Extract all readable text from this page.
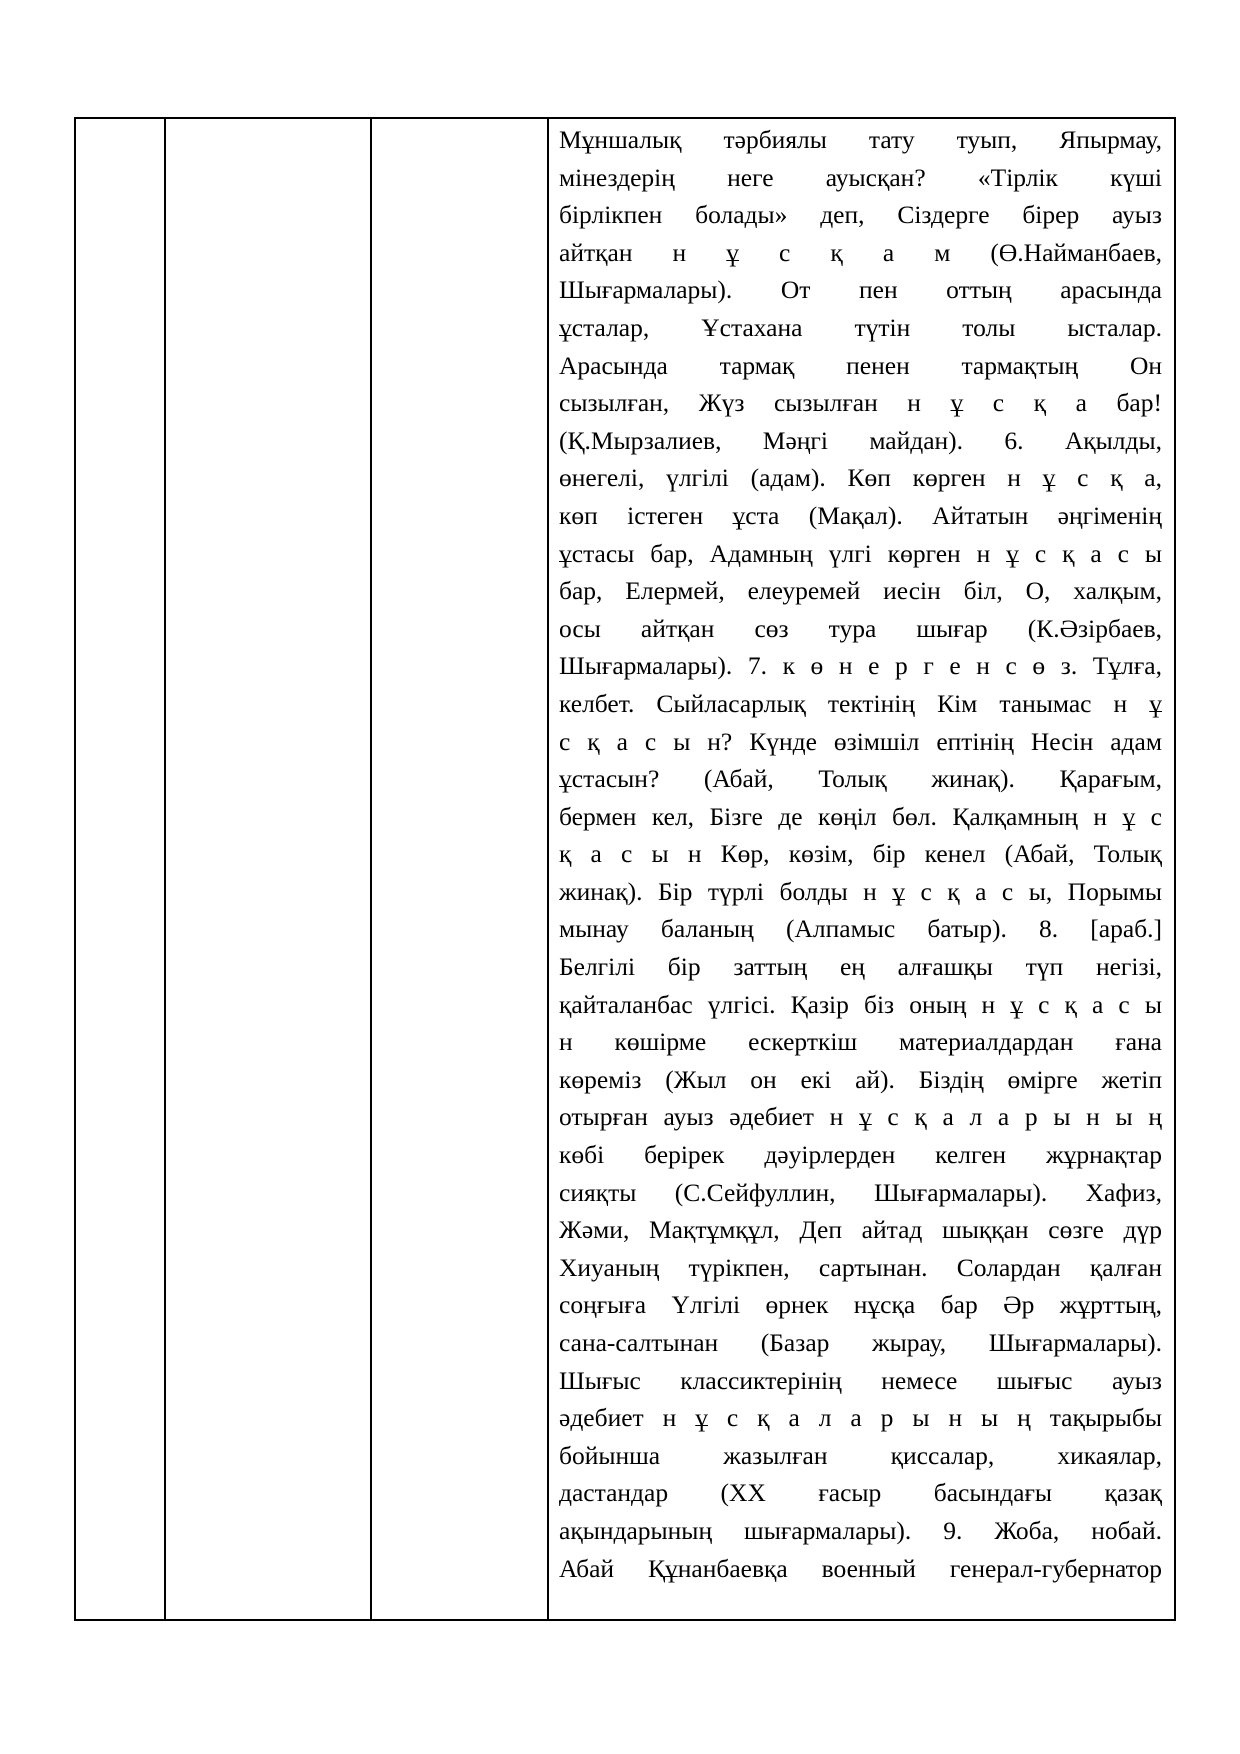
Мұншалық тәрбиялы тату туып, Япырмау,
мінездерің неге ауысқан? «Тірлік күші
бірлікпен болады» деп, Сіздерге бірер ауыз
айтқан н ұ с қ а м (Ө.Найманбаев,
Шығармалары). От пен оттың арасында
ұсталар, Ұстахана түтін толы ысталар.
Арасында тармақ пенен тармақтың Он
сызылған, Жүз сызылған н ұ с қ а бар!
(Қ.Мырзалиев, Мәңгі майдан). 6. Ақылды,
өнегелі, үлгілі (адам). Көп көрген н ұ с қ а,
көп істеген ұста (Мақал). Айтатын әңгіменің
ұстасы бар, Адамның үлгі көрген н ұ с қ а с ы
бар, Елермей, елеуремей иесін біл, О, халқым,
осы айтқан сөз тура шығар (К.Әзірбаев,
Шығармалары). 7. к ө н е р г е н с ө з. Тұлға,
келбет. Сыйласарлық тектінің Кім танымас н ұ
с қ а с ы н? Күнде өзімшіл ептінің Несін адам
ұстасын? (Абай, Толық жинақ). Қарағым,
бермен кел, Бізге де көңіл бөл. Қалқамның н ұ с
қ а с ы н Көр, көзім, бір кенел (Абай, Толық
жинақ). Бір түрлі болды н ұ с қ а с ы, Порымы
мынау баланың (Алпамыс батыр). 8. [араб.]
Белгілі бір заттың ең алғашқы түп негізі,
қайталанбас үлгісі. Қазір біз оның н ұ с қ а с ы
н көшірме ескерткіш материалдардан ғана
көреміз (Жыл он екі ай). Біздің өмірге жетіп
отырған ауыз әдебиет н ұ с қ а л а р ы н ы ң
көбі берірек дәуірлерден келген жұрнақтар
сияқты (С.Сейфуллин, Шығармалары). Хафиз,
Жәми, Мақтұмқұл, Деп айтад шыққан сөзге дүр
Хиуаның түрікпен, сартынан. Солардан қалған
соңғыға Үлгілі өрнек нұсқа бар Әр жұрттың,
сана-салтынан (Базар жырау, Шығармалары).
Шығыс классиктерінің немесе шығыс ауыз
әдебиет н ұ с қ а л а р ы н ы ң тақырыбы
бойынша жазылған қиссалар, хикаялар,
дастандар (ХХ ғасыр басындағы қазақ
ақындарының шығармалары). 9. Жоба, нобай.
Абай Құнанбаевқа военный генерал-губернатор
